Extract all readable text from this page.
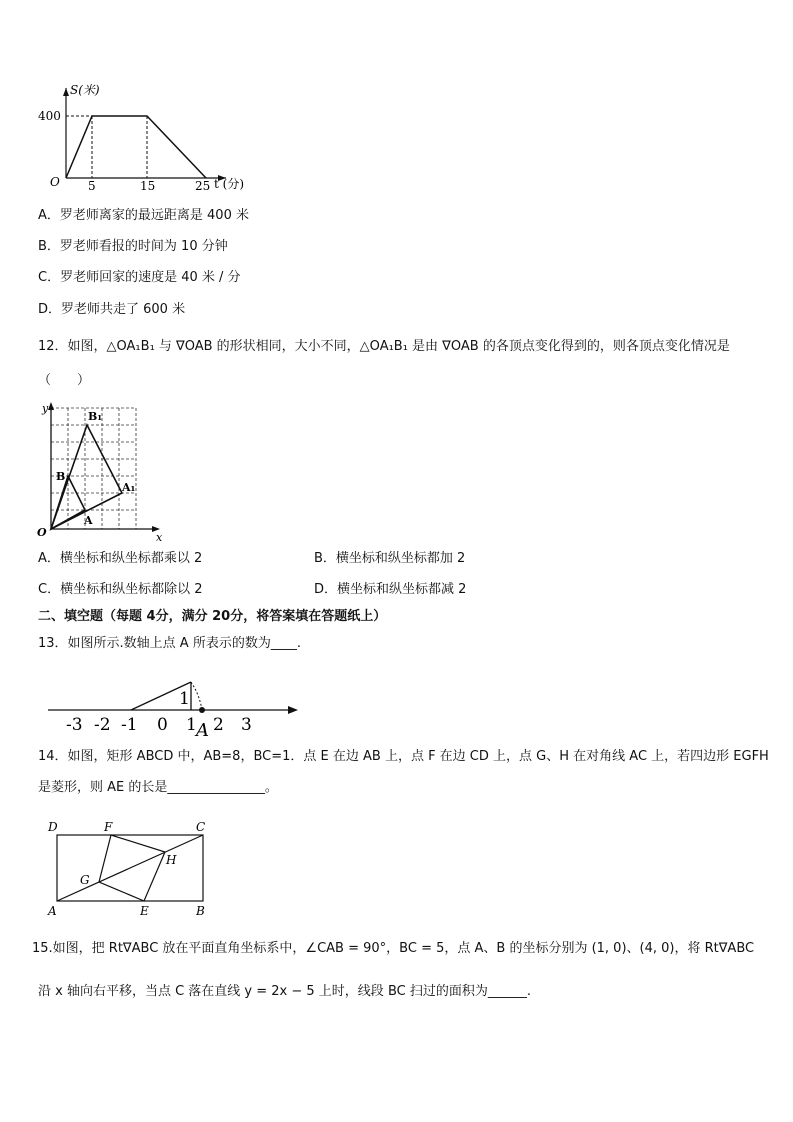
S(米)
O
400
5	15	25 t (分)
A．罗老师离家的最远距离是 400 米
B．罗老师看报的时间为 10 分钟
C．罗老师回家的速度是 40 米 / 分
D．罗老师共走了 600 米
12．如图，△OA₁B₁ 与 ∇OAB 的形状相同，大小不同，△OA₁B₁ 是由 ∇OAB 的各顶点变化得到的，则各顶点变化情况是
（　　）
y
x
O
A
B
A₁
B₁
A．横坐标和纵坐标都乘以 2	B．横坐标和纵坐标都加 2
C．横坐标和纵坐标都除以 2	D．横坐标和纵坐标都减 2
二、填空题（每题 4分，满分 20分，将答案填在答题纸上）
13．如图所示.数轴上点 A 所表示的数为____.
-3 -2 -1 0 1 2 3
1
A
14．如图，矩形 ABCD 中，AB=8，BC=1．点 E 在边 AB 上，点 F 在边 CD 上，点 G、H 在对角线 AC 上，若四边形 EGFH
是菱形，则 AE 的长是_______________。
D	F	C
H
G
A	E	B
15.如图，把 Rt∇ABC 放在平面直角坐标系中，∠CAB = 90°，BC = 5，点 A、B 的坐标分别为 (1, 0)、(4, 0)，将 Rt∇ABC
沿 x 轴向右平移，当点 C 落在直线 y = 2x − 5 上时，线段 BC 扫过的面积为______.
